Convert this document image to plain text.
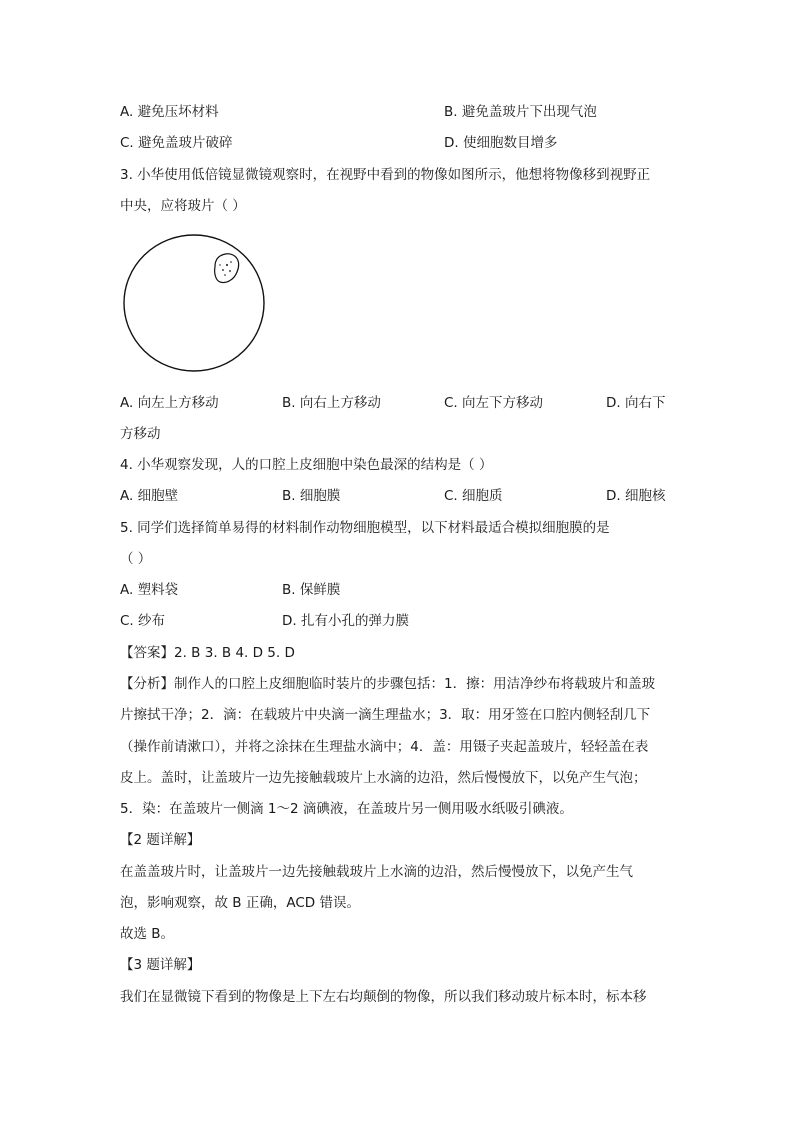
A. 避免压坏材料	B. 避免盖玻片下出现气泡
C. 避免盖玻片破碎	D. 使细胞数目增多
3. 小华使用低倍镜显微镜观察时，在视野中看到的物像如图所示，他想将物像移到视野正
中央，应将玻片（ ）
A. 向左上方移动	B. 向右上方移动	C. 向左下方移动	D. 向右下
方移动
4. 小华观察发现，人的口腔上皮细胞中染色最深的结构是（ ）
A. 细胞壁	B. 细胞膜	C. 细胞质	D. 细胞核
5. 同学们选择简单易得的材料制作动物细胞模型，以下材料最适合模拟细胞膜的是
（ ）
A. 塑料袋	B. 保鲜膜
C. 纱布	D. 扎有小孔的弹力膜
【答案】2. B 3. B 4. D 5. D
【分析】制作人的口腔上皮细胞临时装片的步骤包括：1．擦：用洁净纱布将载玻片和盖玻
片擦拭干净；2．滴：在载玻片中央滴一滴生理盐水；3．取：用牙签在口腔内侧轻刮几下
（操作前请漱口），并将之涂抹在生理盐水滴中；4．盖：用镊子夹起盖玻片，轻轻盖在表
皮上。盖时，让盖玻片一边先接触载玻片上水滴的边沿，然后慢慢放下，以免产生气泡；
5．染：在盖玻片一侧滴 1～2 滴碘液，在盖玻片另一侧用吸水纸吸引碘液。
【2 题详解】
在盖盖玻片时，让盖玻片一边先接触载玻片上水滴的边沿，然后慢慢放下，以免产生气
泡，影响观察，故 B 正确，ACD 错误。
故选 B。
【3 题详解】
我们在显微镜下看到的物像是上下左右均颠倒的物像，所以我们移动玻片标本时，标本移
